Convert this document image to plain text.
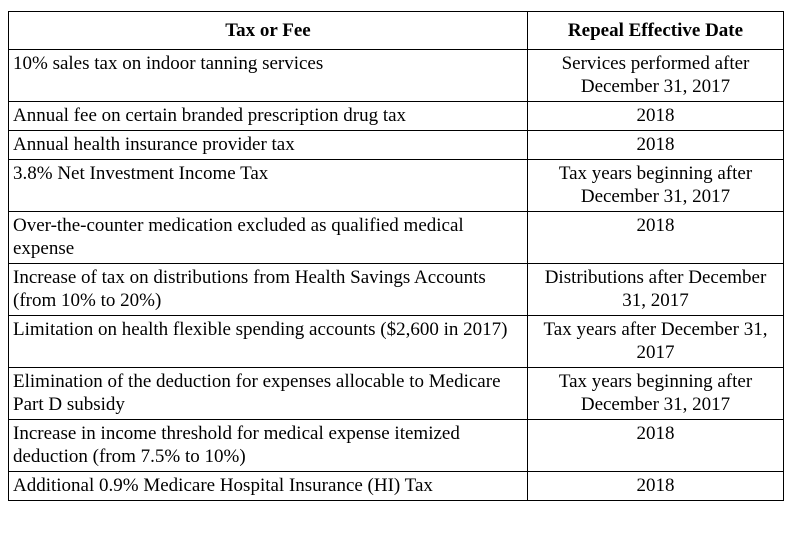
Tax or Fee	Repeal Effective Date
10% sales tax on indoor tanning services	Services performed after December 31, 2017
Annual fee on certain branded prescription drug tax	2018
Annual health insurance provider tax	2018
3.8% Net Investment Income Tax	Tax years beginning after December 31, 2017
Over-the-counter medication excluded as qualified medical expense	2018
Increase of tax on distributions from Health Savings Accounts (from 10% to 20%)	Distributions after December 31, 2017
Limitation on health flexible spending accounts ($2,600 in 2017)	Tax years after December 31, 2017
Elimination of the deduction for expenses allocable to Medicare Part D subsidy	Tax years beginning after December 31, 2017
Increase in income threshold for medical expense itemized deduction (from 7.5% to 10%)	2018
Additional 0.9% Medicare Hospital Insurance (HI) Tax	2018
